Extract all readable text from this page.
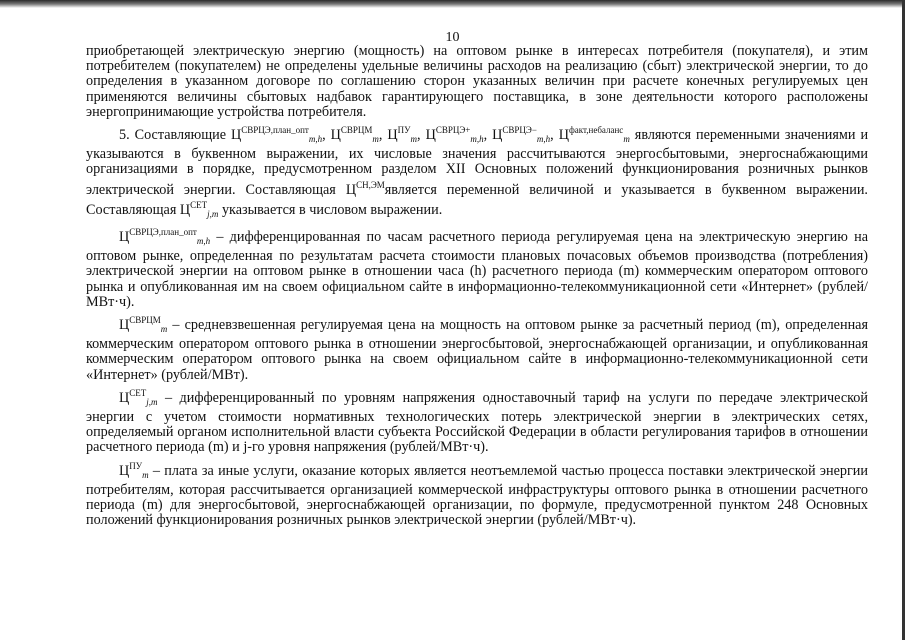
10

приобретающей электрическую энергию (мощность) на оптовом рынке в интересах потребителя (покупателя), и этим потребителем (покупателем) не определены удельные величины расходов на реализацию (сбыт) электрической энергии, то до определения в указанном договоре по соглашению сторон указанных величин при расчете конечных регулируемых цен применяются величины сбытовых надбавок гарантирующего поставщика, в зоне деятельности которого расположены энергопринимающие устройства потребителя.

5. Составляющие $Ц^{СВРЦЭ,план\_опт}_{m,h}$, $Ц^{СВРЦМ}_m$, $Ц^{ПУ}_m$, $Ц^{СВРЦЭ+}_{m,h}$, $Ц^{СВРЦЭ-}_{m,h}$, $Ц^{факт,небаланс}_m$ являются переменными значениями и указываются в буквенном выражении, их числовые значения рассчитываются энергосбытовыми, энергоснабжающими организациями в порядке, предусмотренном разделом XII Основных положений функционирования розничных рынков электрической энергии. Составляющая $Ц^{СН,ЭМ}является$ переменной величиной и указывается в буквенном выражении. Составляющая $Ц^{СЕТ}_{j,m}$ указывается в числовом выражении.

$Ц^{СВРЦЭ,план\_опт}_{m,h}$ – дифференцированная по часам расчетного периода регулируемая цена на электрическую энергию на оптовом рынке, определенная по результатам расчета стоимости плановых почасовых объемов производства (потребления) электрической энергии на оптовом рынке в отношении часа (h) расчетного периода (m) коммерческим оператором оптового рынка и опубликованная им на своем официальном сайте в информационно-телекоммуникационной сети «Интернет» (рублей/МВт·ч).

$Ц^{СВРЦМ}_m$ – средневзвешенная регулируемая цена на мощность на оптовом рынке за расчетный период (m), определенная коммерческим оператором оптового рынка в отношении энергосбытовой, энергоснабжающей организации, и опубликованная коммерческим оператором оптового рынка на своем официальном сайте в информационно-телекоммуникационной сети «Интернет» (рублей/МВт).

$Ц^{СЕТ}_{j,m}$ – дифференцированный по уровням напряжения одноставочный тариф на услуги по передаче электрической энергии с учетом стоимости нормативных технологических потерь электрической энергии в электрических сетях, определяемый органом исполнительной власти субъекта Российской Федерации в области регулирования тарифов в отношении расчетного периода (m) и j-го уровня напряжения (рублей/МВт·ч).

$Ц^{ПУ}_m$ – плата за иные услуги, оказание которых является неотъемлемой частью процесса поставки электрической энергии потребителям, которая рассчитывается организацией коммерческой инфраструктуры оптового рынка в отношении расчетного периода (m) для энергосбытовой, энергоснабжающей организации, по формуле, предусмотренной пунктом 248 Основных положений функционирования розничных рынков электрической энергии (рублей/МВт·ч).
